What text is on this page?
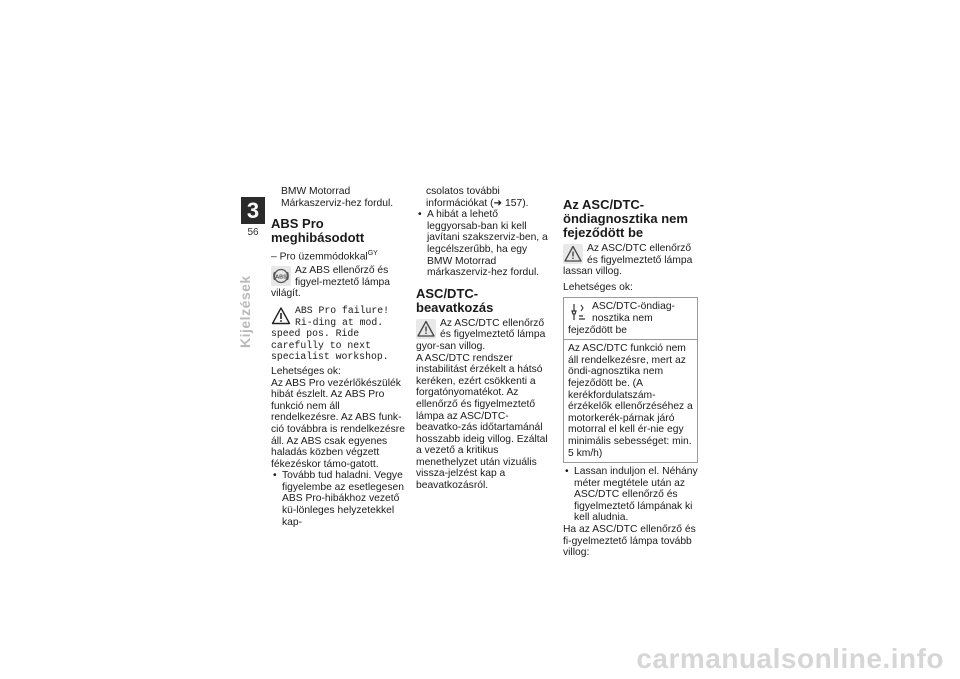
3
56
Kijelzések

BMW Motorrad Márkaszerviz-hez fordul.

ABS Pro meghibásodott

– Pro üzemmódokkal$^{GY}$

ABS

Az ABS ellenőrző és figyel-meztető lámpa világít.

ABS Pro failure! Ri-ding at mod. speed pos. Ride carefully to next specialist workshop.

Lehetséges ok:

Az ABS Pro vezérlőkészülék hibát észlelt. Az ABS Pro funkció nem áll rendelkezésre. Az ABS funk-ció továbbra is rendelkezésre áll. Az ABS csak egyenes haladás közben végzett fékezéskor támo-gatott.

• Tovább tud haladni. Vegye figyelembe az esetlegesen ABS Pro-hibákhoz vezető kü-lönleges helyzetekkel kap-

csolatos további információkat (➜ 157).

• A hibát a lehető leggyorsab-ban ki kell javítani szakszerviz-ben, a legcélszerűbb, ha egy BMW Motorrad márkaszerviz-hez fordul.

ASC/DTC-beavatkozás

Az ASC/DTC ellenőrző és figyelmeztető lámpa gyor-san villog.

A ASC/DTC rendszer instabilitást érzékelt a hátsó keréken, ezért csökkenti a forgatónyomatékot. Az ellenőrző és figyelmeztető lámpa az ASC/DTC-beavatko-zás időtartamánál hosszabb ideig villog. Ezáltal a vezető a kritikus menethelyzet után vizuális vissza-jelzést kap a beavatkozásról.

Az ASC/DTC-öndiagnosztika nem fejeződött be

Az ASC/DTC ellenőrző és figyelmeztető lámpa lassan villog.

Lehetséges ok:

ASC/DTC-öndiag-nosztika nem fejeződött be

Az ASC/DTC funkció nem áll rendelkezésre, mert az öndi-agnosztika nem fejeződött be. (A kerékfordulatszám-érzékelők ellenőrzéséhez a motorkerék-párnak járó motorral el kell ér-nie egy minimális sebességet: min. 5 km/h)

• Lassan induljon el. Néhány méter megtétele után az ASC/DTC ellenőrző és figyelmeztető lámpának ki kell aludnia.

Ha az ASC/DTC ellenőrző és fi-gyelmeztető lámpa tovább villog:

carmanualsonline.info
